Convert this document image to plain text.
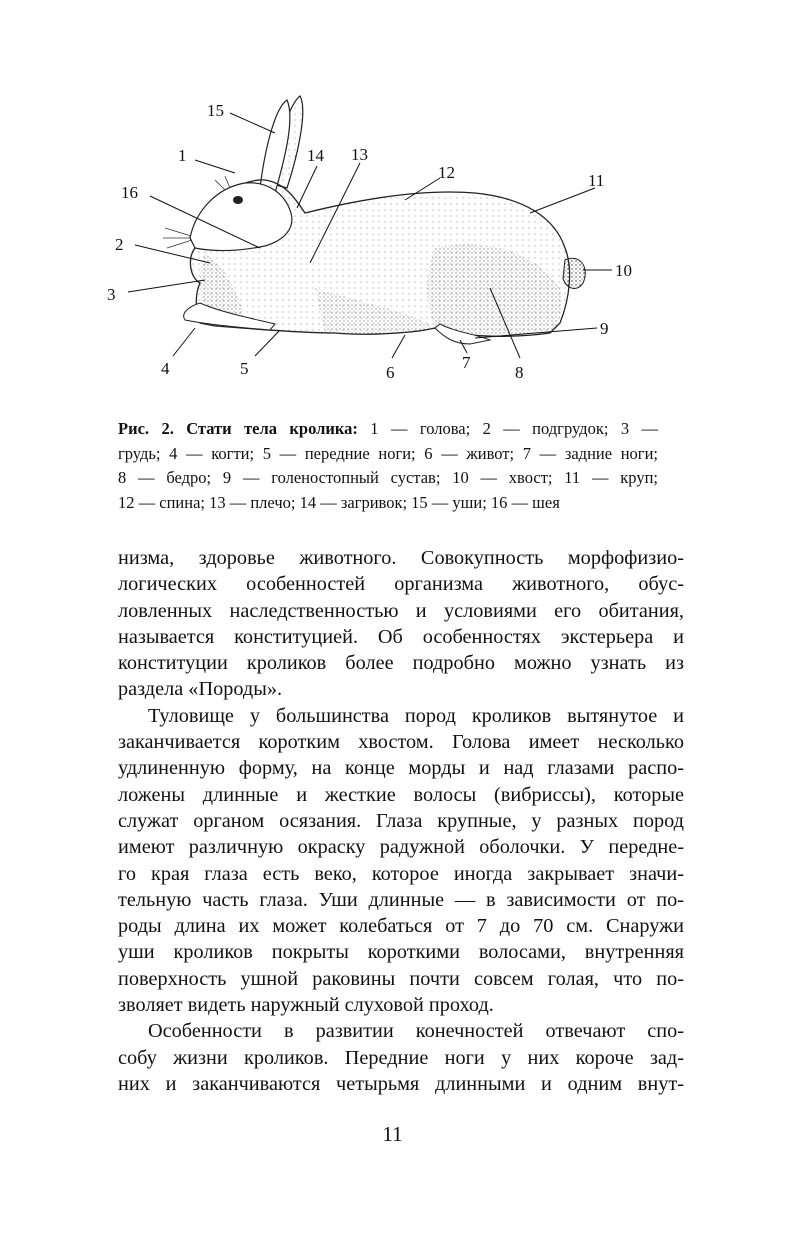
15
1	14 13
12	11
16
2
3
10
9
4	5	6
7
8
Рис. 2. Стати тела кролика: 1 — голова; 2 — подгрудок; 3 —
грудь; 4 — когти; 5 — передние ноги; 6 — живот; 7 — задние ноги;
8 — бедро; 9 — голеностопный сустав; 10 — хвост; 11 — круп;
12 — спина; 13 — плечо; 14 — загривок; 15 — уши; 16 — шея
низма, здоровье животного. Совокупность морфофизио-
логических особенностей организма животного, обус-
ловленных наследственностью и условиями его обитания,
называется конституцией. Об особенностях экстерьера и
конституции кроликов более подробно можно узнать из
раздела «Породы».
Туловище у большинства пород кроликов вытянутое и
заканчивается коротким хвостом. Голова имеет несколько
удлиненную форму, на конце морды и над глазами распо-
ложены длинные и жесткие волосы (вибриссы), которые
служат органом осязания. Глаза крупные, у разных пород
имеют различную окраску радужной оболочки. У передне-
го края глаза есть веко, которое иногда закрывает значи-
тельную часть глаза. Уши длинные — в зависимости от по-
роды длина их может колебаться от 7 до 70 см. Снаружи
уши кроликов покрыты короткими волосами, внутренняя
поверхность ушной раковины почти совсем голая, что по-
зволяет видеть наружный слуховой проход.
Особенности в развитии конечностей отвечают спо-
собу жизни кроликов. Передние ноги у них короче зад-
них и заканчиваются четырьмя длинными и одним внут-
11
